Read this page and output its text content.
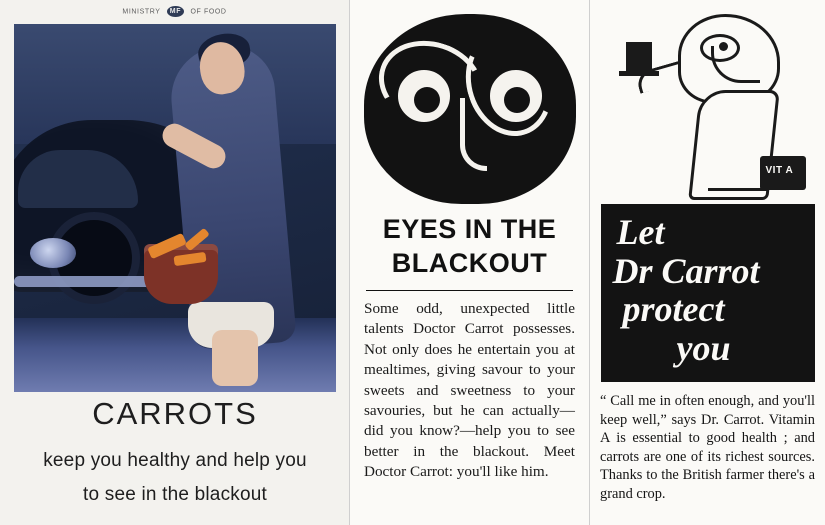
MINISTRY MF OF FOOD
CARROTS
keep you healthy and help you
to see in the blackout
EYES IN THE
BLACKOUT
Some odd, unexpected little talents Doctor Carrot possesses. Not only does he entertain you at mealtimes, giving savour to your sweets and sweetness to your savouries, but he can actually—did you know?—help you to see better in the blackout. Meet Doctor Carrot: you'll like him.
VIT A
Let
Dr Carrot
protect
you
“ Call me in often enough, and you'll keep well,” says Dr. Carrot. Vitamin A is essential to good health ; and carrots are one of its richest sources. Thanks to the British farmer there's a grand crop.
